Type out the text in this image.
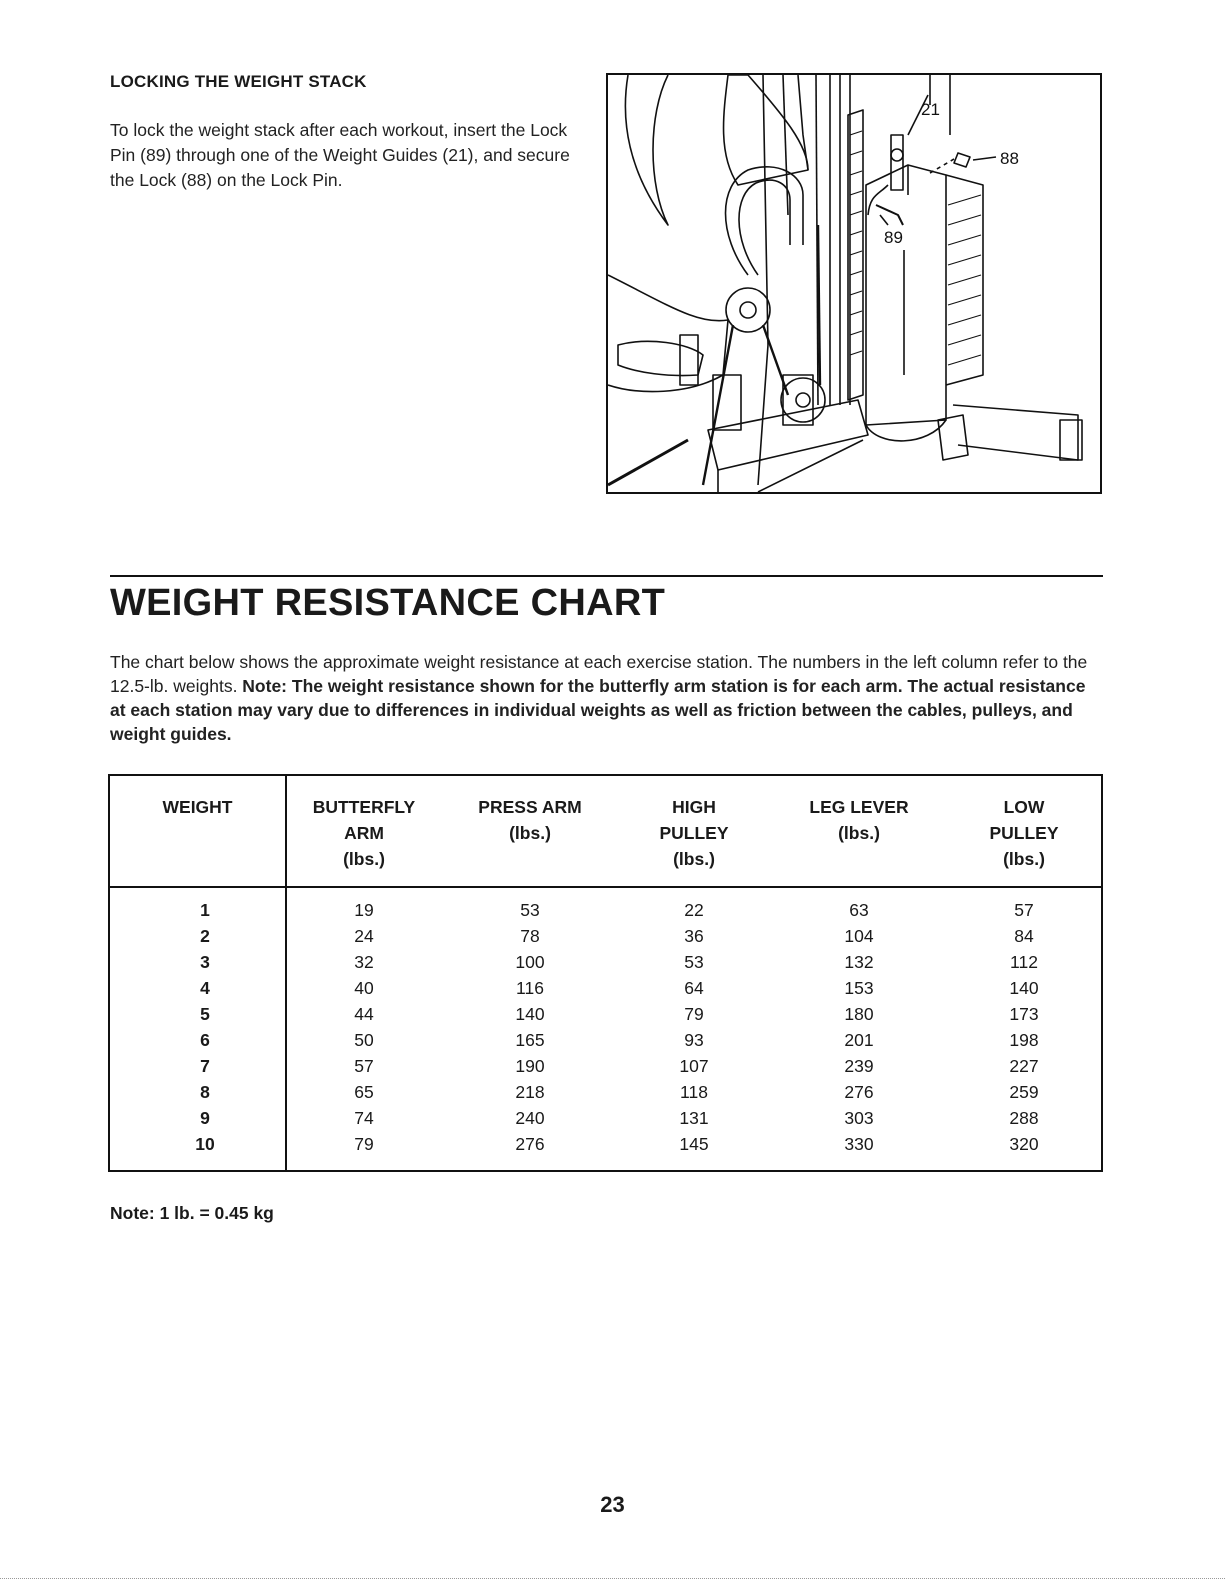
LOCKING THE WEIGHT STACK
To lock the weight stack after each workout, insert the Lock Pin (89) through one of the Weight Guides (21), and secure the Lock (88) on the Lock Pin.
21
88
89
WEIGHT RESISTANCE CHART
The chart below shows the approximate weight resistance at each exercise station. The numbers in the left column refer to the 12.5-lb. weights. Note: The weight resistance shown for the butterfly arm station is for each arm. The actual resistance at each station may vary due to differences in individual weights as well as friction between the cables, pulleys, and weight guides.
WEIGHT	BUTTERFLY
ARM
(lbs.)
PRESS ARM
(lbs.)
HIGH
PULLEY
(lbs.)
LEG LEVER
(lbs.)
LOW
PULLEY
(lbs.)
1
2
3
4
5
6
7
8
9
10
19
24
32
40
44
50
57
65
74
79
53
78
100
116
140
165
190
218
240
276
22
36
53
64
79
93
107
118
131
145
63
104
132
153
180
201
239
276
303
330
57
84
112
140
173
198
227
259
288
320
Note: 1 lb. = 0.45 kg
23
